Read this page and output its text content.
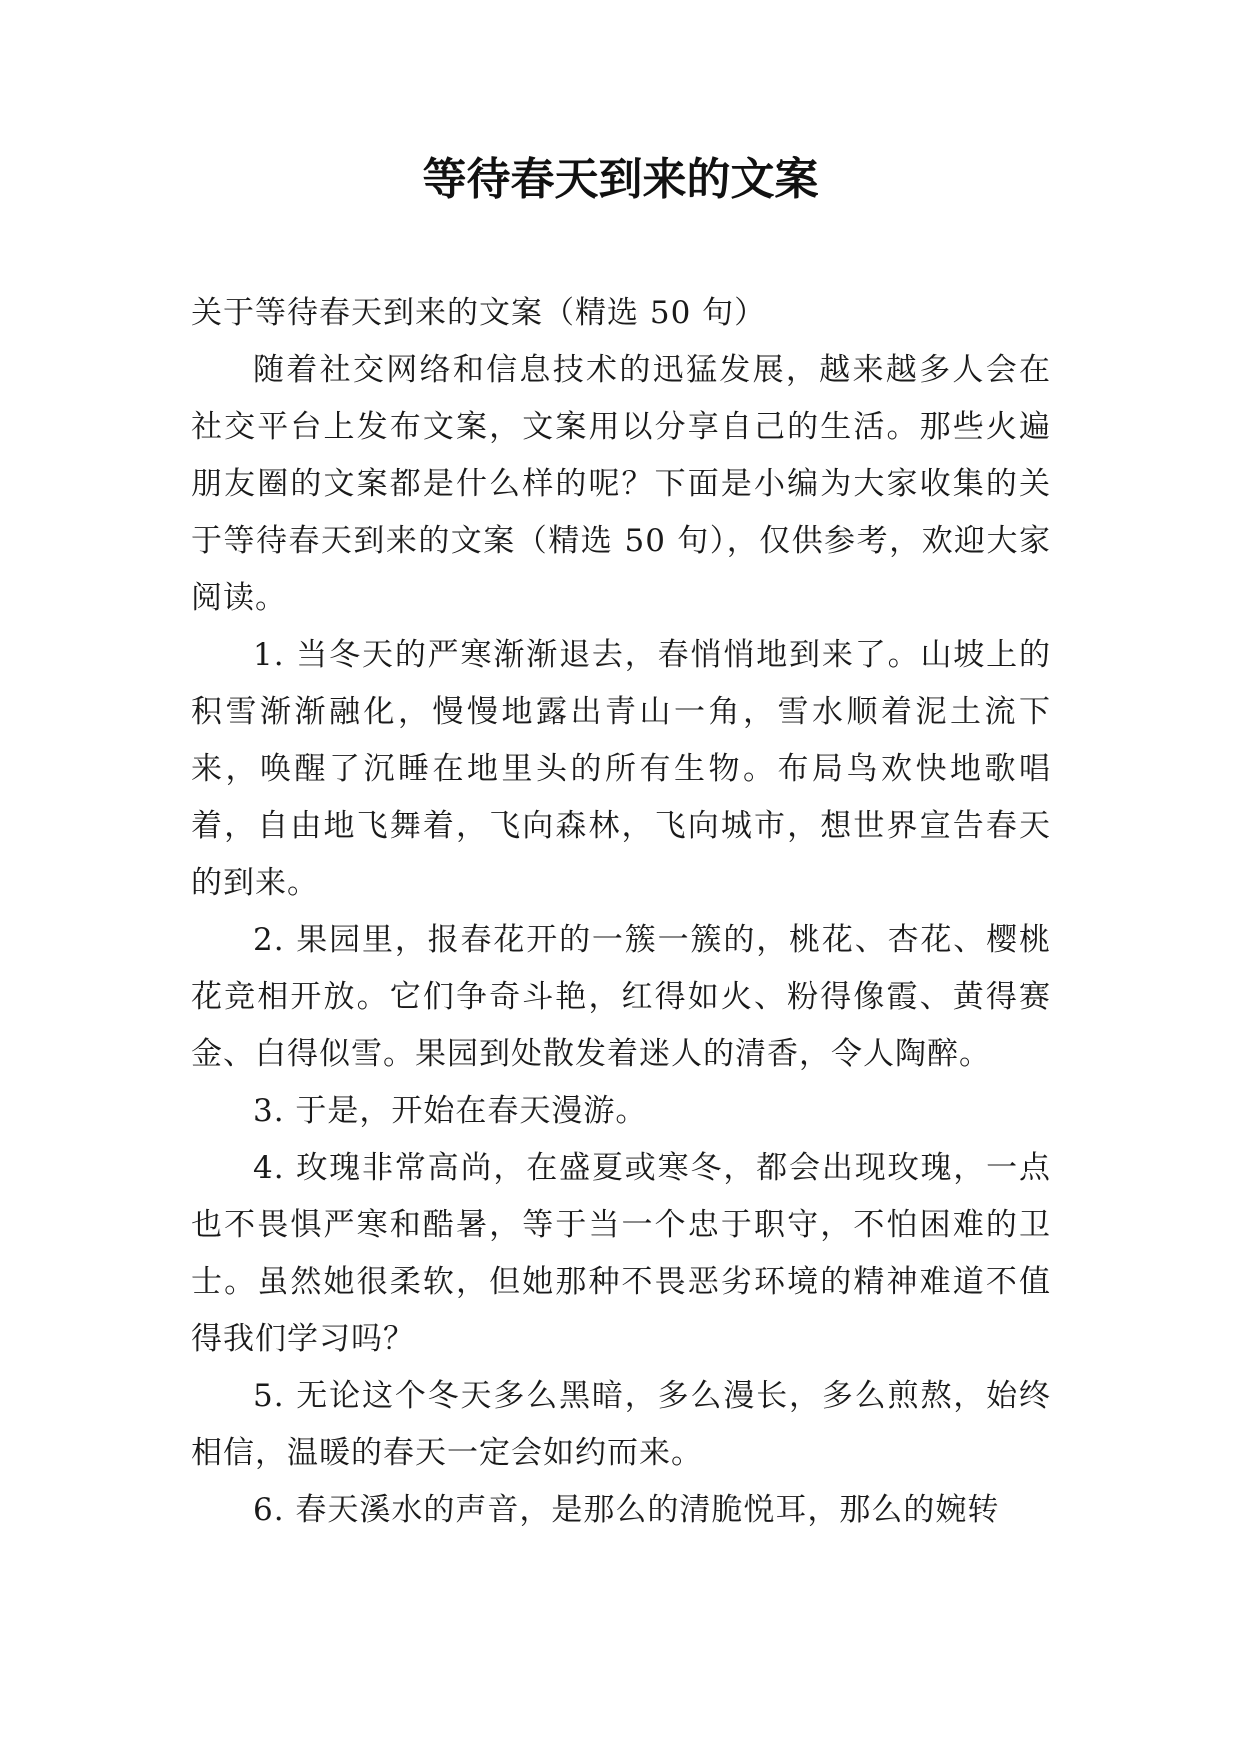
等待春天到来的文案

关于等待春天到来的文案（精选 50 句）

随着社交网络和信息技术的迅猛发展，越来越多人会在社交平台上发布文案，文案用以分享自己的生活。那些火遍朋友圈的文案都是什么样的呢？下面是小编为大家收集的关于等待春天到来的文案（精选 50 句），仅供参考，欢迎大家阅读。

1. 当冬天的严寒渐渐退去，春悄悄地到来了。山坡上的积雪渐渐融化，慢慢地露出青山一角，雪水顺着泥土流下来，唤醒了沉睡在地里头的所有生物。布局鸟欢快地歌唱着，自由地飞舞着，飞向森林，飞向城市，想世界宣告春天的到来。

2. 果园里，报春花开的一簇一簇的，桃花、杏花、樱桃花竞相开放。它们争奇斗艳，红得如火、粉得像霞、黄得赛金、白得似雪。果园到处散发着迷人的清香，令人陶醉。

3. 于是，开始在春天漫游。

4. 玫瑰非常高尚，在盛夏或寒冬，都会出现玫瑰，一点也不畏惧严寒和酷暑，等于当一个忠于职守，不怕困难的卫士。虽然她很柔软，但她那种不畏恶劣环境的精神难道不值得我们学习吗？

5. 无论这个冬天多么黑暗，多么漫长，多么煎熬，始终相信，温暖的春天一定会如约而来。

6. 春天溪水的声音，是那么的清脆悦耳，那么的婉转
